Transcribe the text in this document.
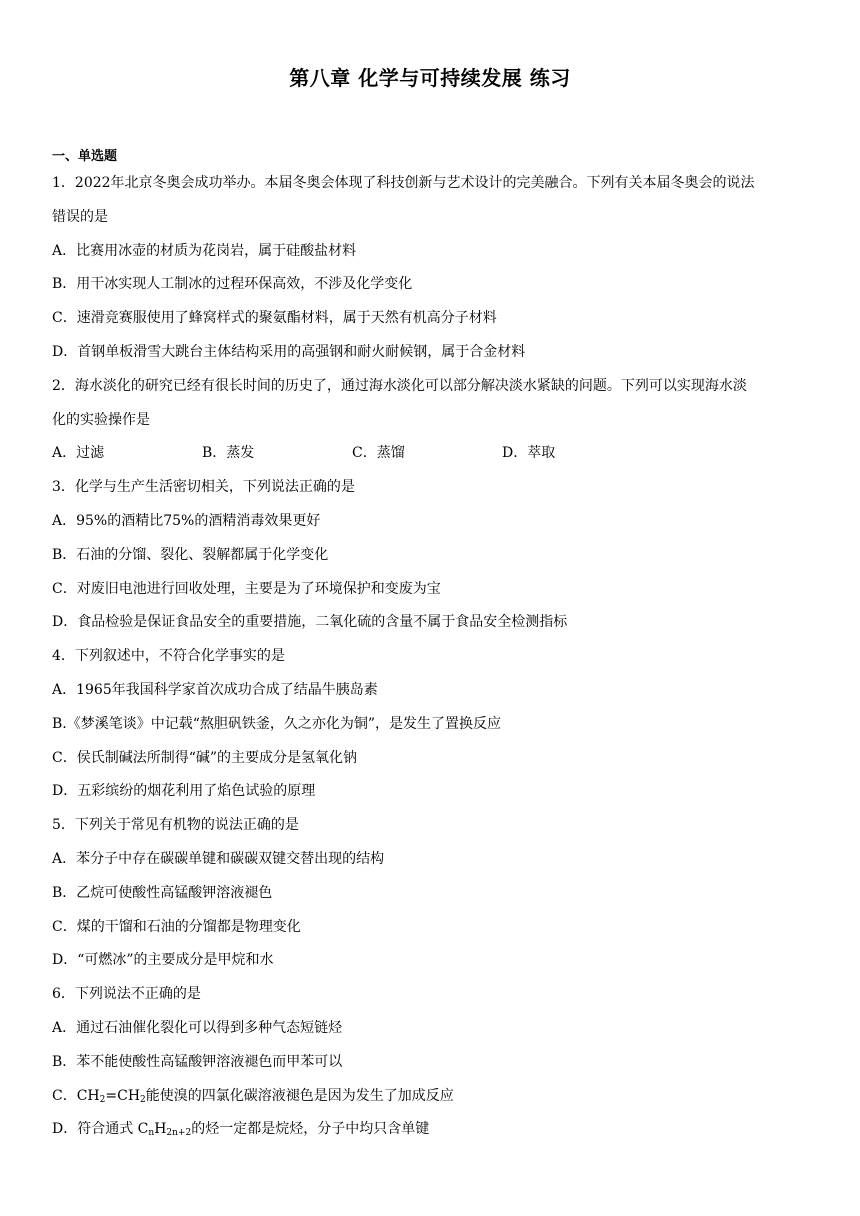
第八章 化学与可持续发展 练习
一、单选题
1．2022年北京冬奥会成功举办。本届冬奥会体现了科技创新与艺术设计的完美融合。下列有关本届冬奥会的说法
错误的是
A．比赛用冰壶的材质为花岗岩，属于硅酸盐材料
B．用干冰实现人工制冰的过程环保高效，不涉及化学变化
C．速滑竞赛服使用了蜂窝样式的聚氨酯材料，属于天然有机高分子材料
D．首钢单板滑雪大跳台主体结构采用的高强钢和耐火耐候钢，属于合金材料
2．海水淡化的研究已经有很长时间的历史了，通过海水淡化可以部分解决淡水紧缺的问题。下列可以实现海水淡
化的实验操作是
A．过滤	B．蒸发	C．蒸馏	D．萃取
3．化学与生产生活密切相关，下列说法正确的是
A．95%的酒精比75%的酒精消毒效果更好
B．石油的分馏、裂化、裂解都属于化学变化
C．对废旧电池进行回收处理，主要是为了环境保护和变废为宝
D．食品检验是保证食品安全的重要措施，二氧化硫的含量不属于食品安全检测指标
4．下列叙述中，不符合化学事实的是
A．1965年我国科学家首次成功合成了结晶牛胰岛素
B.《梦溪笔谈》中记载“熬胆矾铁釜，久之亦化为铜”，是发生了置换反应
C．侯氏制碱法所制得“碱”的主要成分是氢氧化钠
D．五彩缤纷的烟花利用了焰色试验的原理
5．下列关于常见有机物的说法正确的是
A．苯分子中存在碳碳单键和碳碳双键交替出现的结构
B．乙烷可使酸性高锰酸钾溶液褪色
C．煤的干馏和石油的分馏都是物理变化
D．“可燃冰”的主要成分是甲烷和水
6．下列说法不正确的是
A．通过石油催化裂化可以得到多种气态短链烃
B．苯不能使酸性高锰酸钾溶液褪色而甲苯可以
C．$CH_2=CH_2$能使溴的四氯化碳溶液褪色是因为发生了加成反应
D．符合通式 $C_nH_{2n+2}$的烃一定都是烷烃，分子中均只含单键
